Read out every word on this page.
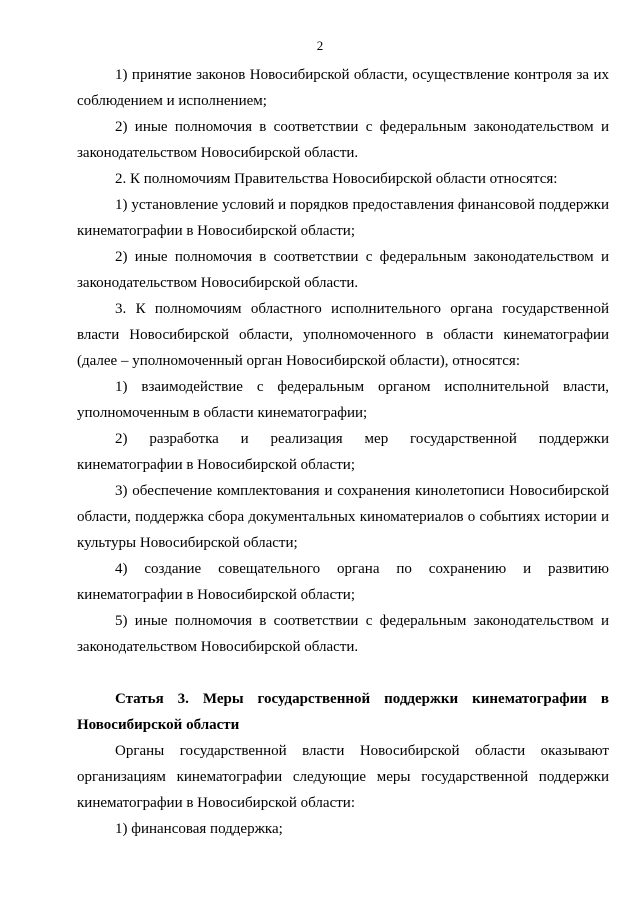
2

1) принятие законов Новосибирской области, осуществление контроля за их соблюдением и исполнением;

2) иные полномочия в соответствии с федеральным законодательством и законодательством Новосибирской области.

2. К полномочиям Правительства Новосибирской области относятся:

1) установление условий и порядков предоставления финансовой поддержки кинематографии в Новосибирской области;

2) иные полномочия в соответствии с федеральным законодательством и законодательством Новосибирской области.

3. К полномочиям областного исполнительного органа государственной власти Новосибирской области, уполномоченного в области кинематографии (далее – уполномоченный орган Новосибирской области), относятся:

1) взаимодействие с федеральным органом исполнительной власти, уполномоченным в области кинематографии;

2) разработка и реализация мер государственной поддержки кинематографии в Новосибирской области;

3) обеспечение комплектования и сохранения кинолетописи Новосибирской области, поддержка сбора документальных киноматериалов о событиях истории и культуры Новосибирской области;

4) создание совещательного органа по сохранению и развитию кинематографии в Новосибирской области;

5) иные полномочия в соответствии с федеральным законодательством и законодательством Новосибирской области.

Статья 3. Меры государственной поддержки кинематографии в Новосибирской области

Органы государственной власти Новосибирской области оказывают организациям кинематографии следующие меры государственной поддержки кинематографии в Новосибирской области:

1) финансовая поддержка;
